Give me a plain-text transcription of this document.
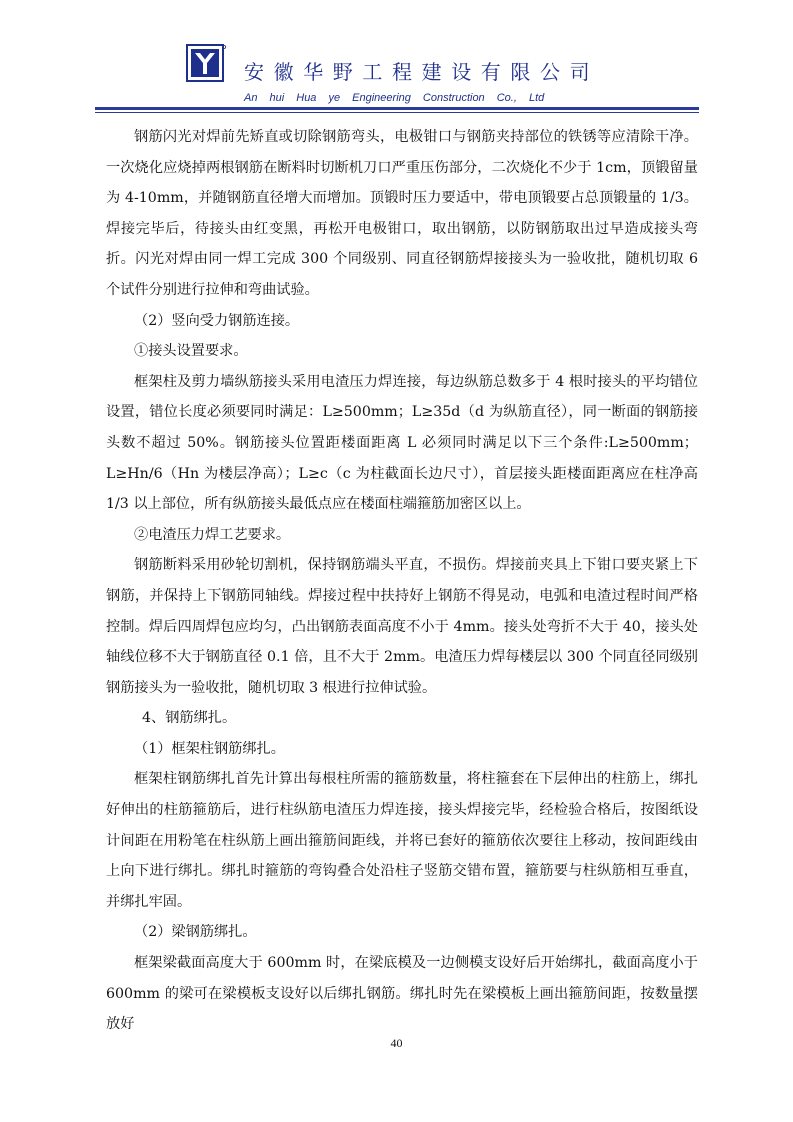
安徽华野工程建设有限公司
An hui Hua ye Engineering Construction Co., Ltd

钢筋闪光对焊前先矫直或切除钢筋弯头，电极钳口与钢筋夹持部位的铁锈等应清除干净。一次烧化应烧掉两根钢筋在断料时切断机刀口严重压伤部分，二次烧化不少于 1cm，顶锻留量为 4-10mm，并随钢筋直径增大而增加。顶锻时压力要适中，带电顶锻要占总顶锻量的 1/3。焊接完毕后，待接头由红变黑，再松开电极钳口，取出钢筋，以防钢筋取出过早造成接头弯折。闪光对焊由同一焊工完成 300 个同级别、同直径钢筋焊接接头为一验收批，随机切取 6 个试件分别进行拉伸和弯曲试验。

（2）竖向受力钢筋连接。

①接头设置要求。

框架柱及剪力墙纵筋接头采用电渣压力焊连接，每边纵筋总数多于 4 根时接头的平均错位设置，错位长度必须要同时满足：L≥500mm；L≥35d（d 为纵筋直径），同一断面的钢筋接头数不超过 50%。钢筋接头位置距楼面距离 L 必须同时满足以下三个条件:L≥500mm；L≥Hn/6（Hn 为楼层净高）；L≥c（c 为柱截面长边尺寸），首层接头距楼面距离应在柱净高 1/3 以上部位，所有纵筋接头最低点应在楼面柱端箍筋加密区以上。

②电渣压力焊工艺要求。

钢筋断料采用砂轮切割机，保持钢筋端头平直，不损伤。焊接前夹具上下钳口要夹紧上下钢筋，并保持上下钢筋同轴线。焊接过程中扶持好上钢筋不得晃动，电弧和电渣过程时间严格控制。焊后四周焊包应均匀，凸出钢筋表面高度不小于 4mm。接头处弯折不大于 40，接头处轴线位移不大于钢筋直径 0.1 倍，且不大于 2mm。电渣压力焊每楼层以 300 个同直径同级别钢筋接头为一验收批，随机切取 3 根进行拉伸试验。

4、钢筋绑扎。

（1）框架柱钢筋绑扎。

框架柱钢筋绑扎首先计算出每根柱所需的箍筋数量，将柱箍套在下层伸出的柱筋上，绑扎好伸出的柱筋箍筋后，进行柱纵筋电渣压力焊连接，接头焊接完毕，经检验合格后，按图纸设计间距在用粉笔在柱纵筋上画出箍筋间距线，并将已套好的箍筋依次要往上移动，按间距线由上向下进行绑扎。绑扎时箍筋的弯钩叠合处沿柱子竖筋交错布置，箍筋要与柱纵筋相互垂直，并绑扎牢固。

（2）梁钢筋绑扎。

框架梁截面高度大于 600mm 时，在梁底模及一边侧模支设好后开始绑扎，截面高度小于 600mm 的梁可在梁模板支设好以后绑扎钢筋。绑扎时先在梁模板上画出箍筋间距，按数量摆放好

40
